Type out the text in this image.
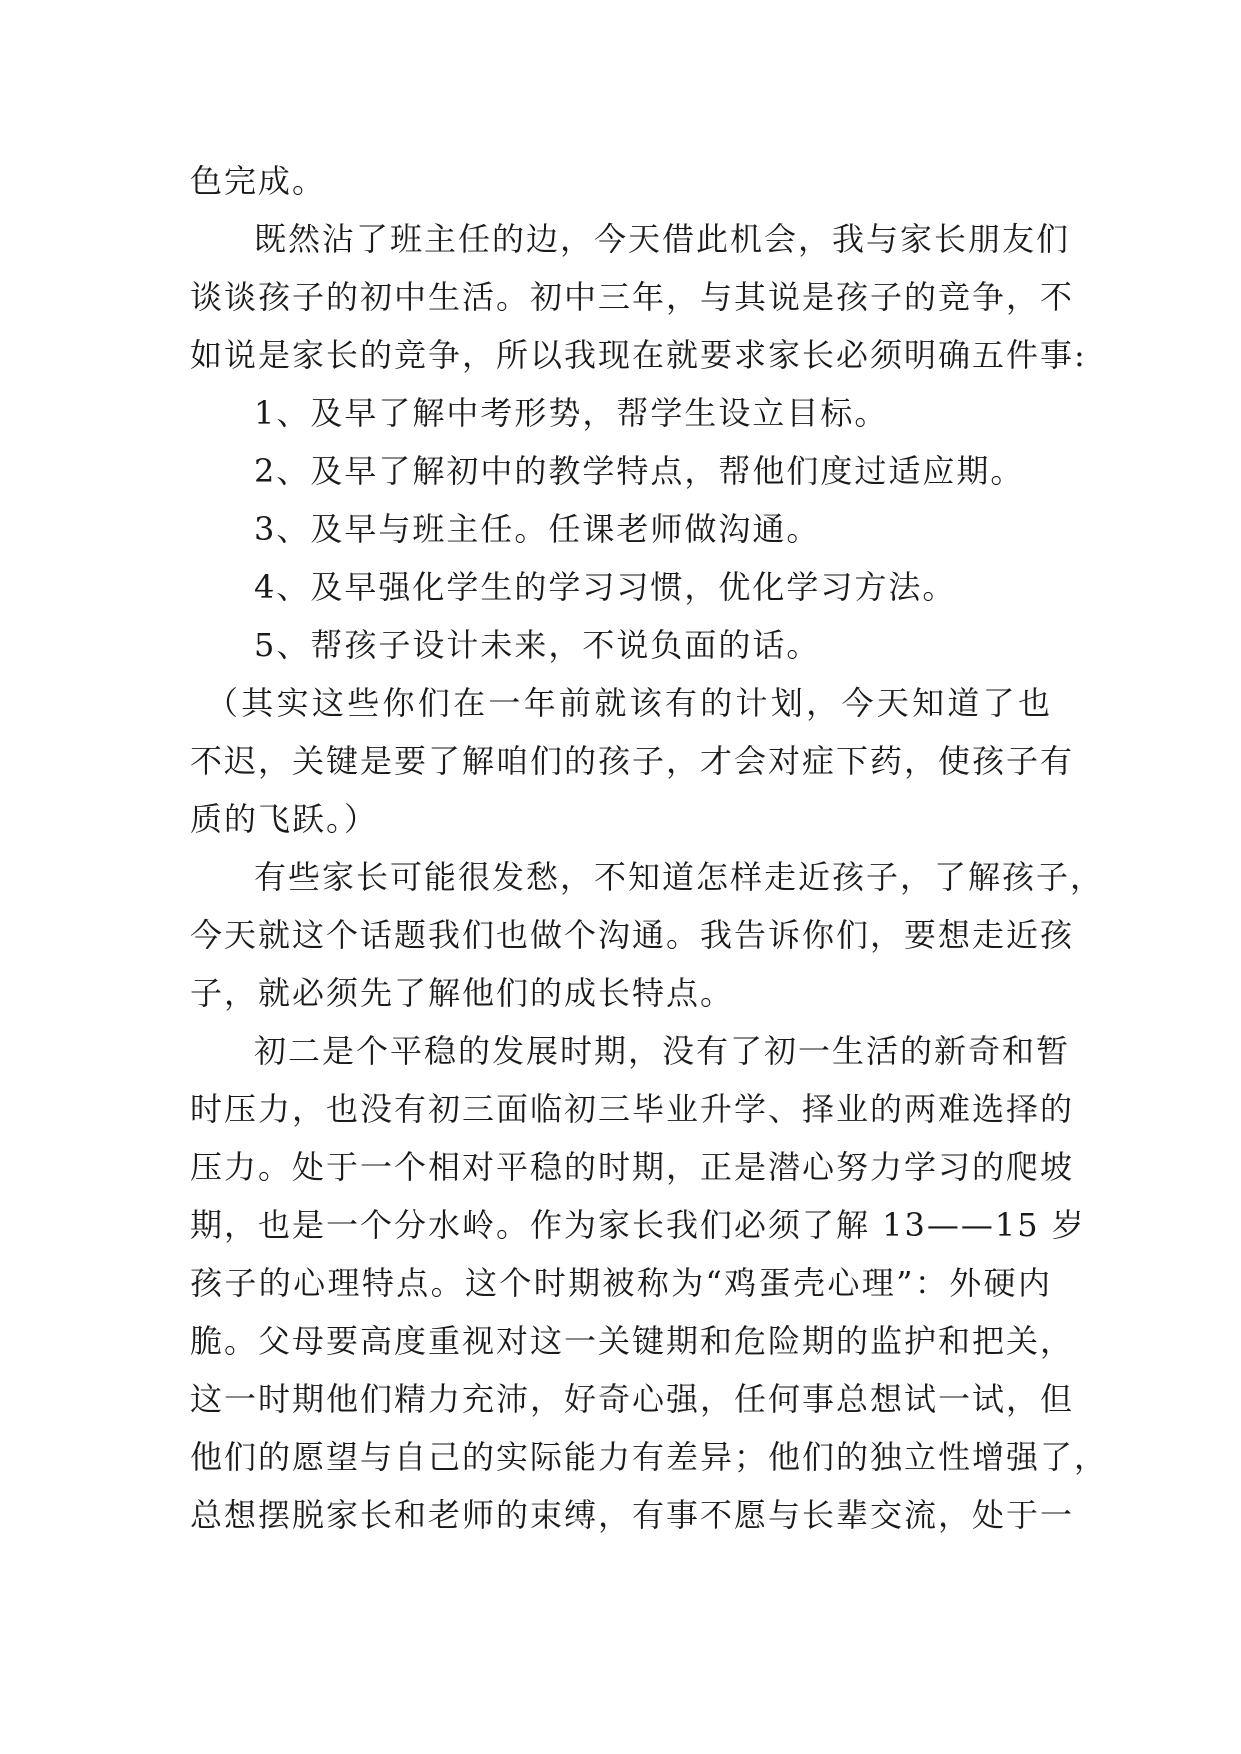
色完成。
既然沾了班主任的边，今天借此机会，我与家长朋友们
谈谈孩子的初中生活。初中三年，与其说是孩子的竞争，不
如说是家长的竞争，所以我现在就要求家长必须明确五件事:
1、及早了解中考形势，帮学生设立目标。
2、及早了解初中的教学特点，帮他们度过适应期。
3、及早与班主任。任课老师做沟通。
4、及早强化学生的学习习惯，优化学习方法。
5、帮孩子设计未来，不说负面的话。
（其实这些你们在一年前就该有的计划，今天知道了也
不迟，关键是要了解咱们的孩子，才会对症下药，使孩子有
质的飞跃。）
有些家长可能很发愁，不知道怎样走近孩子，了解孩子，
今天就这个话题我们也做个沟通。我告诉你们，要想走近孩
子，就必须先了解他们的成长特点。
初二是个平稳的发展时期，没有了初一生活的新奇和暂
时压力，也没有初三面临初三毕业升学、择业的两难选择的
压力。处于一个相对平稳的时期，正是潜心努力学习的爬坡
期，也是一个分水岭。作为家长我们必须了解 13——15 岁
孩子的心理特点。这个时期被称为“鸡蛋壳心理”：外硬内
脆。父母要高度重视对这一关键期和危险期的监护和把关，
这一时期他们精力充沛，好奇心强，任何事总想试一试，但
他们的愿望与自己的实际能力有差异；他们的独立性增强了，
总想摆脱家长和老师的束缚，有事不愿与长辈交流，处于一
